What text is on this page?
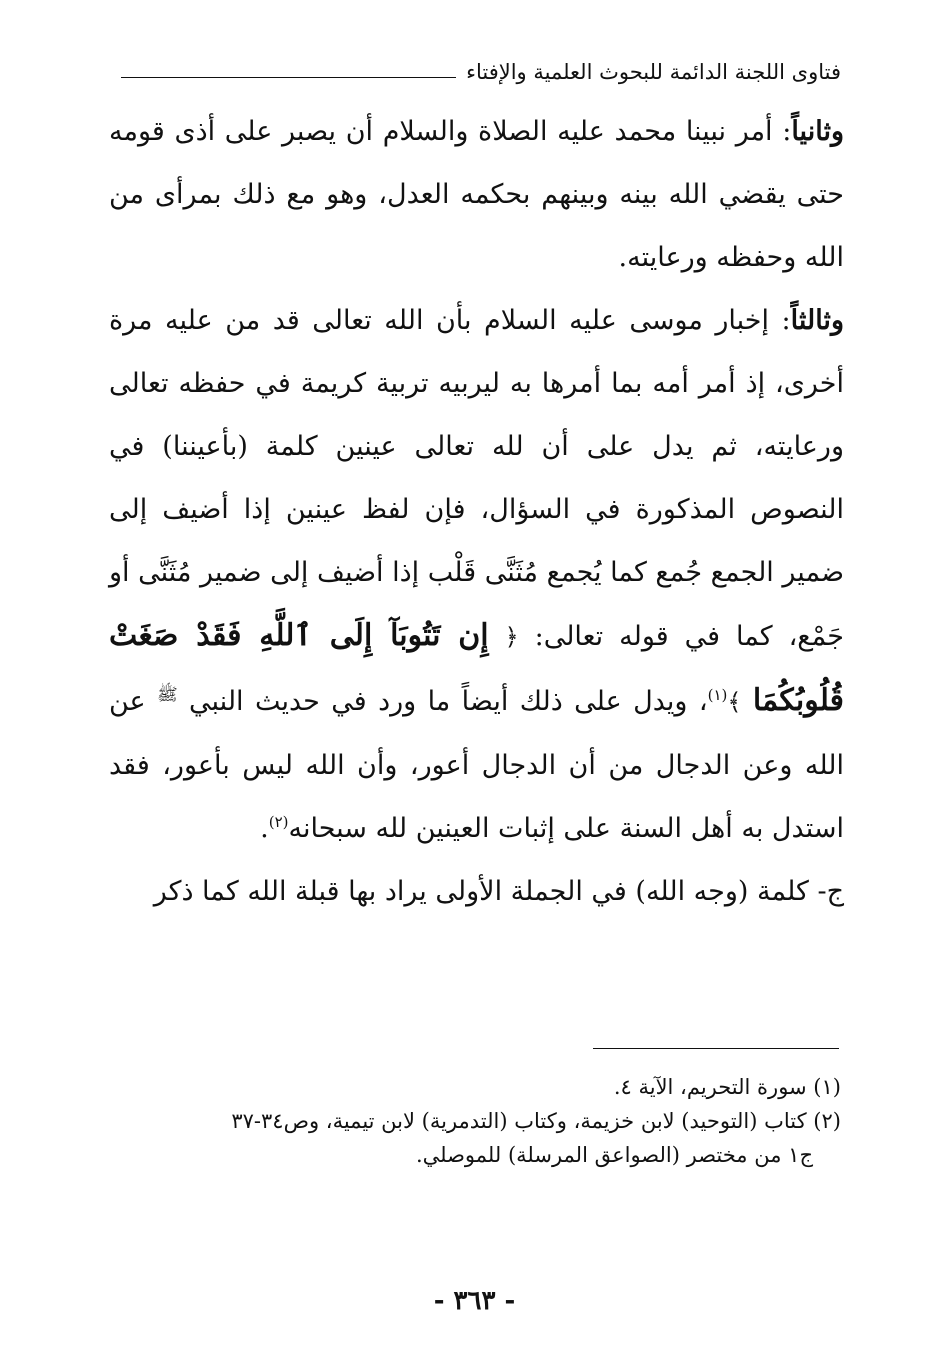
فتاوى اللجنة الدائمة للبحوث العلمية والإفتاء

وثانياً: أمر نبينا محمد عليه الصلاة والسلام أن يصبر على أذى قومه حتى يقضي الله بينه وبينهم بحكمه العدل، وهو مع ذلك بمرأى من الله وحفظه ورعايته.

وثالثاً: إخبار موسى عليه السلام بأن الله تعالى قد من عليه مرة أخرى، إذ أمر أمه بما أمرها به ليربيه تربية كريمة في حفظه تعالى ورعايته، ثم يدل على أن لله تعالى عينين كلمة (بأعيننا) في النصوص المذكورة في السؤال، فإن لفظ عينين إذا أضيف إلى ضمير الجمع جُمع كما يُجمع مُثَنَّى قَلْب إذا أضيف إلى ضمير مُثَنَّى أو جَمْع، كما في قوله تعالى: ﴿ إِن تَتُوبَآ إِلَى ٱللَّهِ فَقَدْ صَغَتْ قُلُوبُكُمَا ﴾$^{(١)}$، ويدل على ذلك أيضاً ما ورد في حديث النبي $^ﷺ$ عن الله وعن الدجال من أن الدجال أعور، وأن الله ليس بأعور، فقد استدل به أهل السنة على إثبات العينين لله سبحانه$^{(٢)}$.

ج- كلمة (وجه الله) في الجملة الأولى يراد بها قبلة الله كما ذكر

(١) سورة التحريم، الآية ٤.

(٢) كتاب (التوحيد) لابن خزيمة، وكتاب (التدمرية) لابن تيمية، وص٣٤-٣٧

ج١ من مختصر (الصواعق المرسلة) للموصلي.

- ٣٦٣ -
